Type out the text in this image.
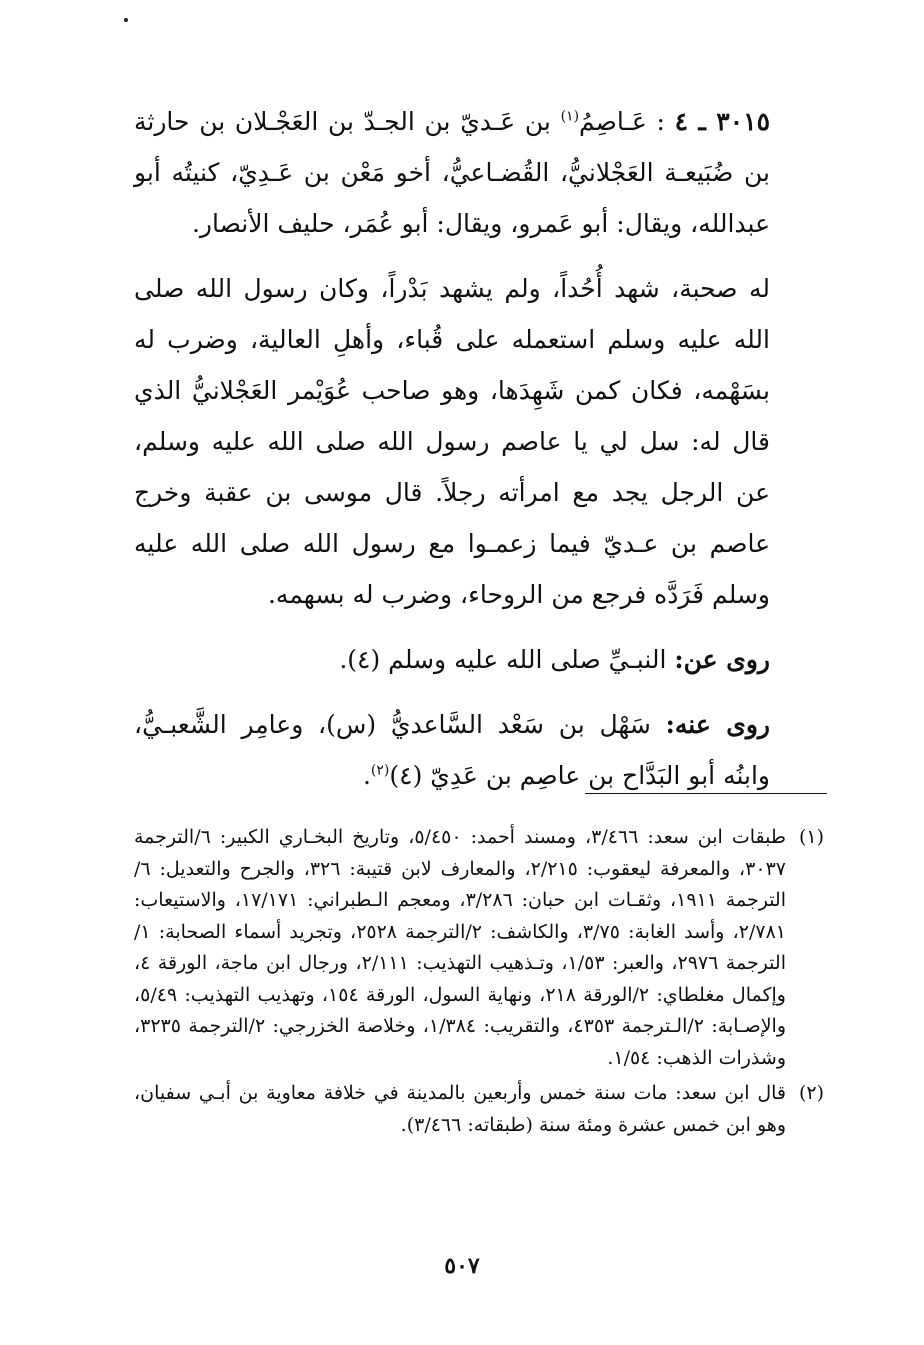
٣٠١٥ ـ ٤ : عَـاصِمُ$^{(١)}$ بن عَـديّ بن الجـدّ بن العَجْـلان بن حارثة بن ضُبَيعـة العَجْلانيُّ، القُضـاعيُّ، أخو مَعْن بن عَـدِيّ، كنيتُه أبو عبدالله، ويقال: أبو عَمرو، ويقال: أبو عُمَر، حليف الأنصار.

له صحبة، شهد أُحُداً، ولم يشهد بَدْراً، وكان رسول الله صلى الله عليه وسلم استعمله على قُباء، وأهلِ العالية، وضرب له بسَهْمه، فكان كمن شَهِدَها، وهو صاحب عُوَيْمر العَجْلانيُّ الذي قال له: سل لي يا عاصم رسول الله صلى الله عليه وسلم، عن الرجل يجد مع امرأته رجلاً. قال موسى بن عقبة وخرج عاصم بن عـديّ فيما زعمـوا مع رسول الله صلى الله عليه وسلم فَرَدَّه فرجع من الروحاء، وضرب له بسهمه.

روى عن: النبـيِّ صلى الله عليه وسلم (٤).

روى عنه: سَهْل بن سَعْد السَّاعديُّ (س)، وعامِر الشَّعبـيُّ، وابنُه أبو البَدَّاح بن عاصِم بن عَدِيّ (٤)$^{(٢)}$.

(١)
طبقات ابن سعد: ٣/٤٦٦، ومسند أحمد: ٥/٤٥٠، وتاريخ البخـاري الكبير: ٦/الترجمة ٣٠٣٧، والمعرفة ليعقوب: ٢/٢١٥، والمعارف لابن قتيبة: ٣٢٦، والجرح والتعديل: ٦/الترجمة ١٩١١، وثقـات ابن حبان: ٣/٢٨٦، ومعجم الـطبراني: ١٧/١٧١، والاستيعاب: ٢/٧٨١، وأسد الغابة: ٣/٧٥، والكاشف: ٢/الترجمة ٢٥٢٨، وتجريد أسماء الصحابة: ١/الترجمة ٢٩٧٦، والعبر: ١/٥٣، وتـذهيب التهذيب: ٢/١١١، ورجال ابن ماجة، الورقة ٤، وإكمال مغلطاي: ٢/الورقة ٢١٨، ونهاية السول، الورقة ١٥٤، وتهذيب التهذيب: ٥/٤٩، والإصـابة: ٢/الـترجمة ٤٣٥٣، والتقريب: ١/٣٨٤، وخلاصة الخزرجي: ٢/الترجمة ٣٢٣٥، وشذرات الذهب: ١/٥٤.
(٢)
قال ابن سعد: مات سنة خمس وأربعين بالمدينة في خلافة معاوية بن أبـي سفيان، وهو ابن خمس عشرة ومئة سنة (طبقاته: ٣/٤٦٦).
٥٠٧
